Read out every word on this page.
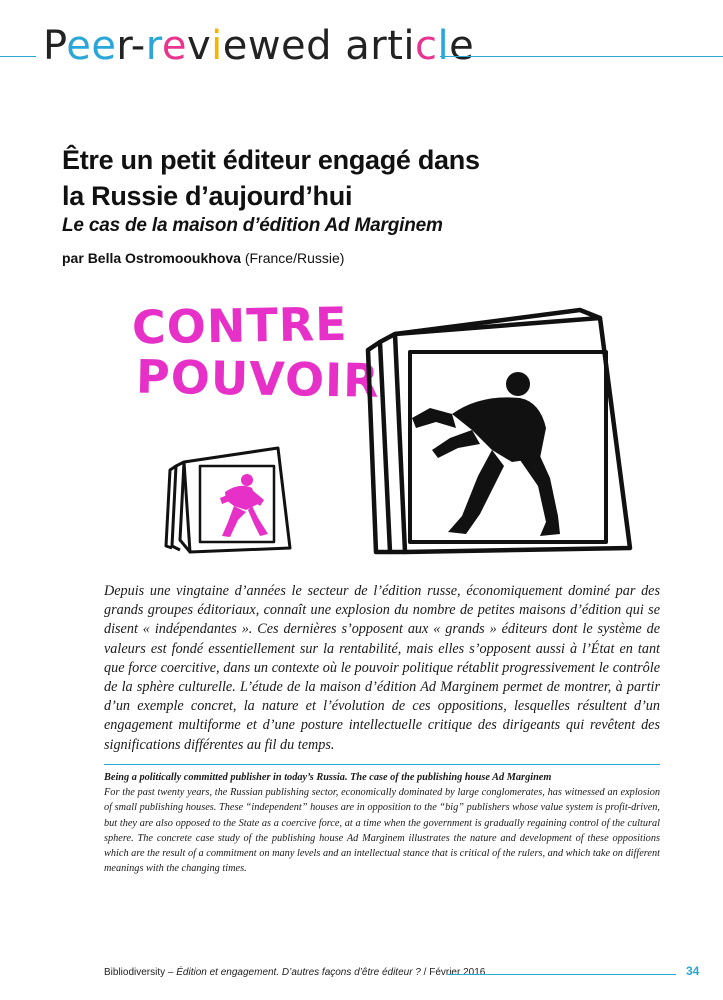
Peer-reviewed article
Être un petit éditeur engagé dans
la Russie d’aujourd’hui
Le cas de la maison d’édition Ad Marginem
par Bella Ostromooukhova (France/Russie)
CONTRE
POUVOIR
Depuis une vingtaine d’années le secteur de l’édition russe, économiquement dominé par des grands groupes éditoriaux, connaît une explosion du nombre de petites maisons d’édition qui se disent « indépendantes ». Ces dernières s’opposent aux « grands » éditeurs dont le système de valeurs est fondé essentiellement sur la rentabilité, mais elles s’opposent aussi à l’État en tant que force coercitive, dans un contexte où le pouvoir politique rétablit progressivement le contrôle de la sphère culturelle. L’étude de la maison d’édition Ad Marginem permet de montrer, à partir d’un exemple concret, la nature et l’évolution de ces oppositions, lesquelles résultent d’un engagement multiforme et d’une posture intellectuelle critique des dirigeants qui revêtent des significations différentes au fil du temps.
Being a politically committed publisher in today’s Russia. The case of the publishing house Ad Marginem
For the past twenty years, the Russian publishing sector, economically dominated by large conglomerates, has witnessed an explosion of small publishing houses. These “independent” houses are in opposition to the “big” publishers whose value system is profit-driven, but they are also opposed to the State as a coercive force, at a time when the government is gradually regaining control of the cultural sphere. The concrete case study of the publishing house Ad Marginem illustrates the nature and development of these oppositions which are the result of a commitment on many levels and an intellectual stance that is critical of the rulers, and which take on different meanings with the changing times.
Bibliodiversity – Édition et engagement. D’autres façons d’être éditeur ? / Février 2016	34
